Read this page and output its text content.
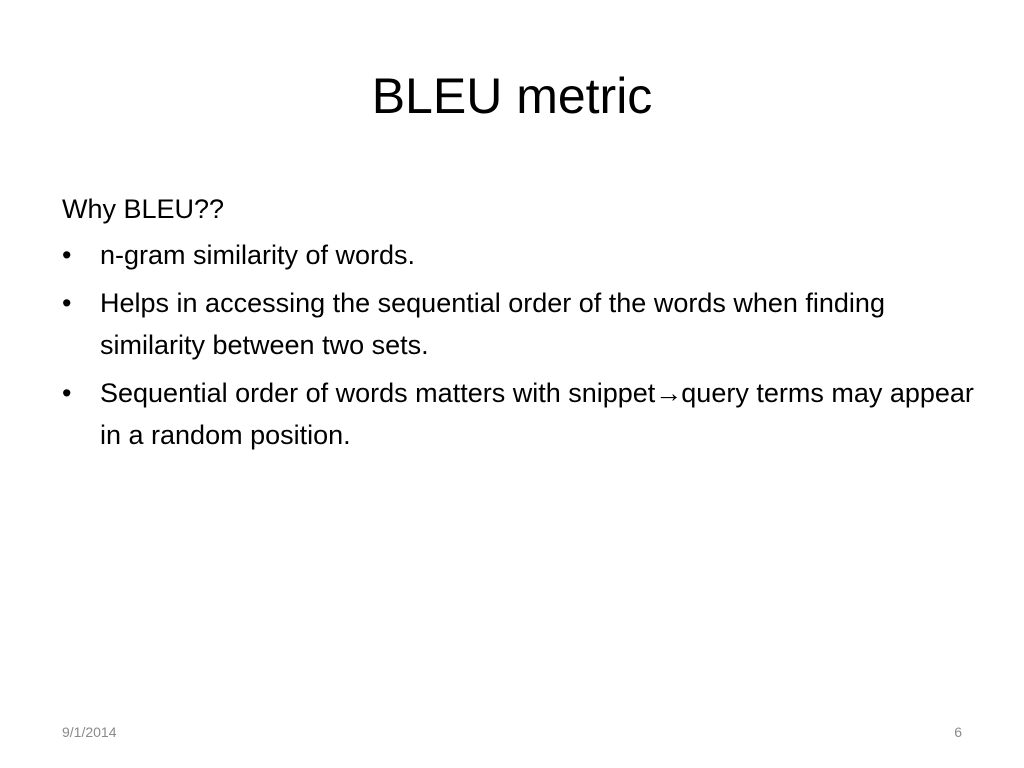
BLEU metric
Why BLEU??
•	n-gram similarity of words.
•	Helps in accessing the sequential order of the words when finding similarity between two sets.
•	Sequential order of words matters with snippet→query terms may appear in a random position.
9/1/2014	6
